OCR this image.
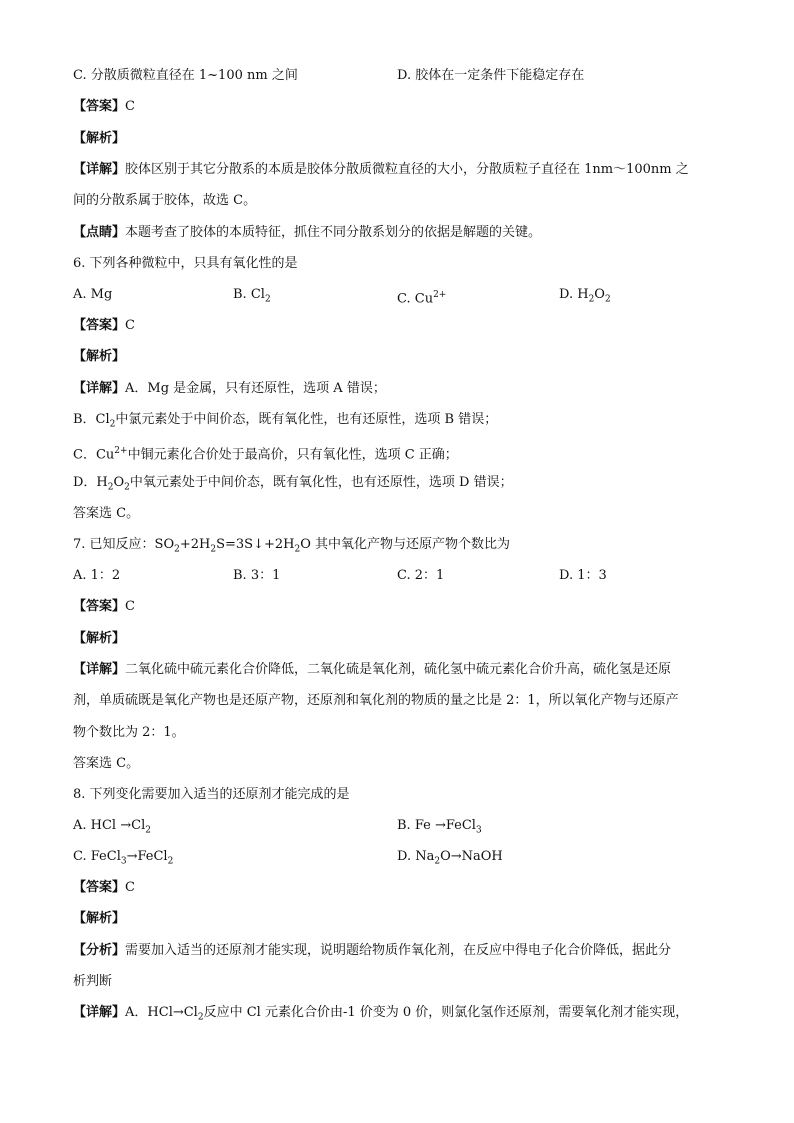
C. 分散质微粒直径在 1~100 nm 之间	D. 胶体在一定条件下能稳定存在
【答案】C
【解析】
【详解】胶体区别于其它分散系的本质是胶体分散质微粒直径的大小，分散质粒子直径在 1nm～100nm 之
间的分散系属于胶体，故选 C。
【点睛】本题考查了胶体的本质特征，抓住不同分散系划分的依据是解题的关键。
6. 下列各种微粒中，只具有氧化性的是
A. Mg	B. $Cl_2$	C. $Cu^{2+}$	D. $H_2O_2$
【答案】C
【解析】
【详解】A．Mg 是金属，只有还原性，选项 A 错误；
B．$Cl_2$中氯元素处于中间价态，既有氧化性，也有还原性，选项 B 错误；
C．$Cu^{2+}$中铜元素化合价处于最高价，只有氧化性，选项 C 正确；
D．$H_2O_2$中氧元素处于中间价态，既有氧化性，也有还原性，选项 D 错误；
答案选 C。
7. 已知反应：$SO_2+2H_2S=3S↓+2H_2O$ 其中氧化产物与还原产物个数比为
A. 1：2	B. 3：1	C. 2：1	D. 1：3
【答案】C
【解析】
【详解】二氧化硫中硫元素化合价降低，二氧化硫是氧化剂，硫化氢中硫元素化合价升高，硫化氢是还原
剂，单质硫既是氧化产物也是还原产物，还原剂和氧化剂的物质的量之比是 2：1，所以氧化产物与还原产
物个数比为 2：1。
答案选 C。
8. 下列变化需要加入适当的还原剂才能完成的是
A. HCl $\to Cl_2$	B. Fe →FeCl$_3$
C. FeCl$_3$→FeCl$_2$	D. $Na_2O\to NaOH$
【答案】C
【解析】
【分析】需要加入适当的还原剂才能实现，说明题给物质作氧化剂，在反应中得电子化合价降低，据此分
析判断
【详解】A．$HCl\to Cl_2$反应中 Cl 元素化合价由-1 价变为 0 价，则氯化氢作还原剂，需要氧化剂才能实现，
